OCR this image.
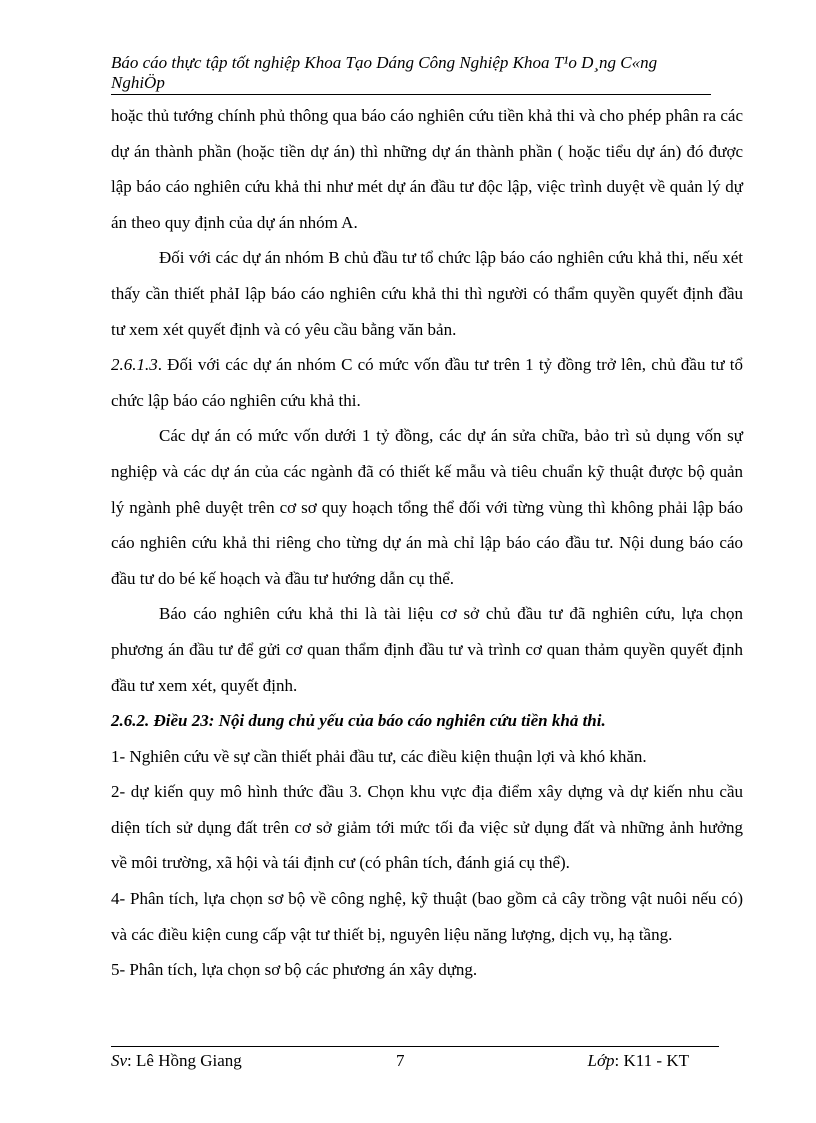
Báo cáo thực tập tốt nghiệp Khoa Tạo Dáng Công Nghiệp Khoa T¹o D¸ng C«ng NghiÖp

hoặc thủ tướng chính phủ thông qua báo cáo nghiên cứu tiền khả thi và cho phép phân ra các dự án thành phần (hoặc tiền dự án) thì những dự án thành phần ( hoặc tiểu dự án) đó được lập báo cáo nghiên cứu khả thi như mét dự án đầu tư độc lập, việc trình duyệt về quản lý dự án theo quy định của dự án nhóm A.

Đối với các dự án nhóm B chủ đầu tư tổ chức lập báo cáo nghiên cứu khả thi, nếu xét thấy cần thiết phảI lập báo cáo nghiên cứu khả thi thì người có thẩm quyền quyết định đầu tư xem xét quyết định và có yêu cầu bằng văn bản.

2.6.1.3. Đối với các dự án nhóm C có mức vốn đầu tư trên 1 tỷ đồng trở lên, chủ đầu tư tổ chức lập báo cáo nghiên cứu khả thi.

Các dự án có mức vốn dưới 1 tỷ đồng, các dự án sửa chữa, bảo trì sủ dụng vốn sự nghiệp và các dự án của các ngành đã có thiết kế mẫu và tiêu chuẩn kỹ thuật được bộ quản lý ngành phê duyệt trên cơ sơ quy hoạch tổng thể đối với từng vùng thì không phải lập báo cáo nghiên cứu khả thi riêng cho từng dự án mà chỉ lập báo cáo đầu tư. Nội dung báo cáo đầu tư do bé kế hoạch và đầu tư hướng dẫn cụ thể.

Báo cáo nghiên cứu khả thi là tài liệu cơ sở chủ đầu tư đã nghiên cứu, lựa chọn phương án đầu tư để gửi cơ quan thẩm định đầu tư và trình cơ quan thảm quyền quyết định đầu tư xem xét, quyết định.

2.6.2. Điều 23: Nội dung chủ yếu của báo cáo nghiên cứu tiền khả thi.

1- Nghiên cứu về sự cần thiết phải đầu tư, các điều kiện thuận lợi và khó khăn.

2- dự kiến quy mô hình thức đầu 3. Chọn khu vực địa điểm xây dựng và dự kiến nhu cầu diện tích sử dụng đất trên cơ sở giảm tới mức tối đa việc sử dụng đất và những ảnh hưởng về môi trường, xã hội và tái định cư (có phân tích, đánh giá cụ thể).

4- Phân tích, lựa chọn sơ bộ về công nghệ, kỹ thuật (bao gồm cả cây trồng vật nuôi nếu có) và các điều kiện cung cấp vật tư thiết bị, nguyên liệu năng lượng, dịch vụ, hạ tầng.

5- Phân tích, lựa chọn sơ bộ các phương án xây dựng.

Sv: Lê Hồng Giang	7	Lớp: K11 - KT
